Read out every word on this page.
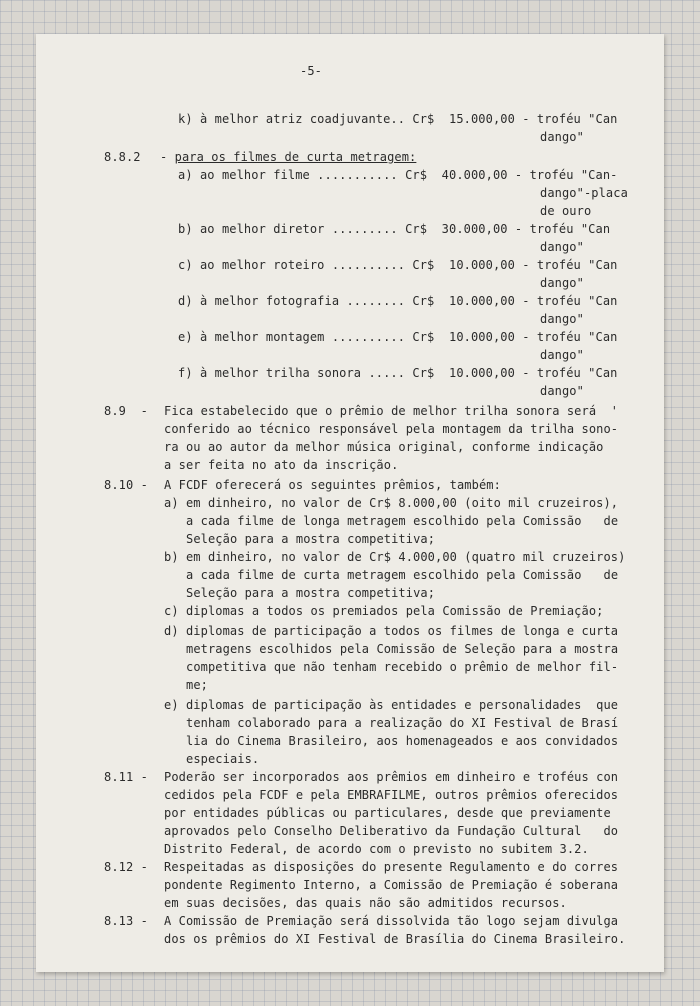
-5-
k) à melhor atriz coadjuvante.. Cr$  15.000,00 - troféu "Can
dango"
8.8.2 - para os filmes de curta metragem:
a) ao melhor filme ........... Cr$  40.000,00 - troféu "Can-
dango"-placa
de ouro
b) ao melhor diretor ......... Cr$  30.000,00 - troféu "Can
dango"
c) ao melhor roteiro .......... Cr$  10.000,00 - troféu "Can
dango"
d) à melhor fotografia ........ Cr$  10.000,00 - troféu "Can
dango"
e) à melhor montagem .......... Cr$  10.000,00 - troféu "Can
dango"
f) à melhor trilha sonora ..... Cr$  10.000,00 - troféu "Can
dango"
8.9  - Fica estabelecido que o prêmio de melhor trilha sonora será  '
conferido ao técnico responsável pela montagem da trilha sono-
ra ou ao autor da melhor música original, conforme indicação
a ser feita no ato da inscrição.
8.10 - A FCDF oferecerá os seguintes prêmios, também:
a) em dinheiro, no valor de Cr$ 8.000,00 (oito mil cruzeiros),
a cada filme de longa metragem escolhido pela Comissão   de
Seleção para a mostra competitiva;
b) em dinheiro, no valor de Cr$ 4.000,00 (quatro mil cruzeiros)
a cada filme de curta metragem escolhido pela Comissão   de
Seleção para a mostra competitiva;
c) diplomas a todos os premiados pela Comissão de Premiação;
d) diplomas de participação a todos os filmes de longa e curta
metragens escolhidos pela Comissão de Seleção para a mostra
competitiva que não tenham recebido o prêmio de melhor fil-
me;
e) diplomas de participação às entidades e personalidades  que
tenham colaborado para a realização do XI Festival de Brasí
lia do Cinema Brasileiro, aos homenageados e aos convidados
especiais.
8.11 - Poderão ser incorporados aos prêmios em dinheiro e troféus con
cedidos pela FCDF e pela EMBRAFILME, outros prêmios oferecidos
por entidades públicas ou particulares, desde que previamente
aprovados pelo Conselho Deliberativo da Fundação Cultural   do
Distrito Federal, de acordo com o previsto no subitem 3.2.
8.12 - Respeitadas as disposições do presente Regulamento e do corres
pondente Regimento Interno, a Comissão de Premiação é soberana
em suas decisões, das quais não são admitidos recursos.
8.13 - A Comissão de Premiação será dissolvida tão logo sejam divulga
dos os prêmios do XI Festival de Brasília do Cinema Brasileiro.
